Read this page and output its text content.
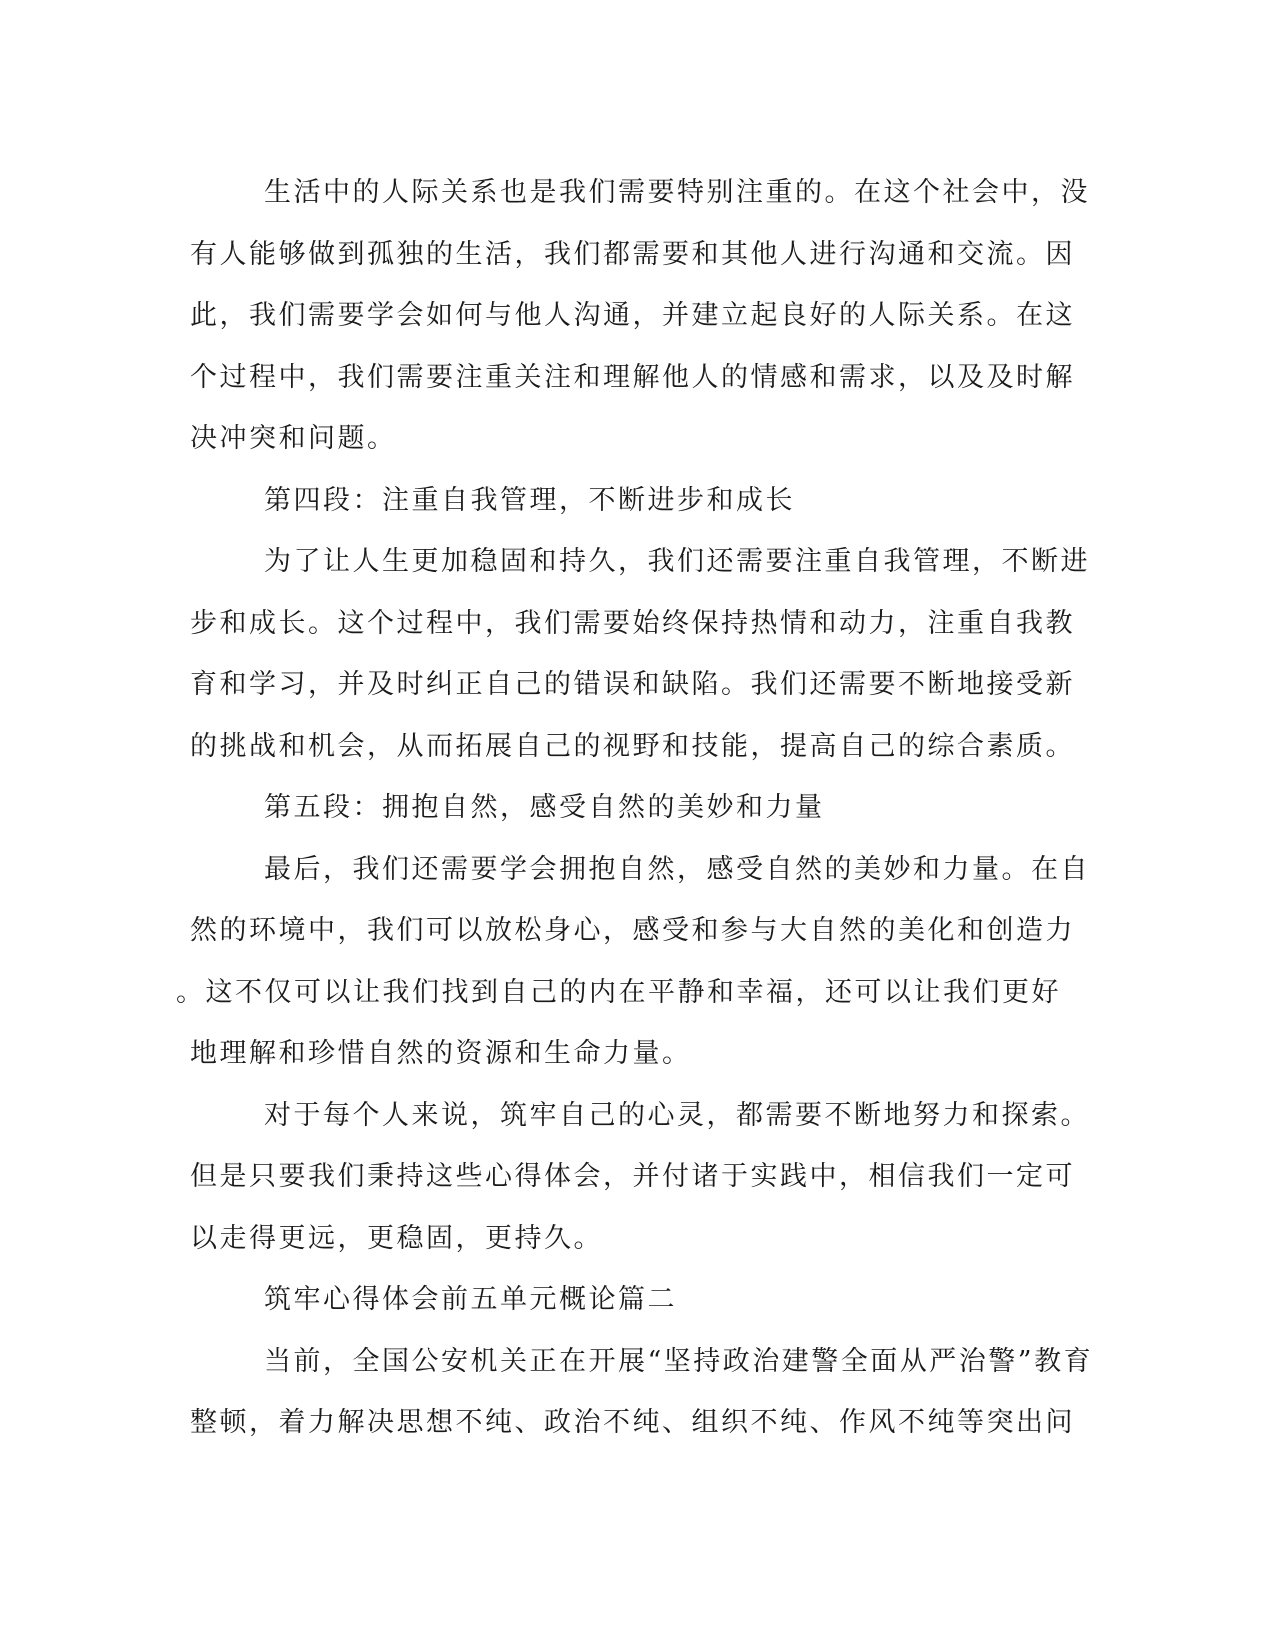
生活中的人际关系也是我们需要特别注重的。在这个社会中，没
有人能够做到孤独的生活，我们都需要和其他人进行沟通和交流。因
此，我们需要学会如何与他人沟通，并建立起良好的人际关系。在这
个过程中，我们需要注重关注和理解他人的情感和需求，以及及时解
决冲突和问题。
第四段：注重自我管理，不断进步和成长
为了让人生更加稳固和持久，我们还需要注重自我管理，不断进
步和成长。这个过程中，我们需要始终保持热情和动力，注重自我教
育和学习，并及时纠正自己的错误和缺陷。我们还需要不断地接受新
的挑战和机会，从而拓展自己的视野和技能，提高自己的综合素质。
第五段：拥抱自然，感受自然的美妙和力量
最后，我们还需要学会拥抱自然，感受自然的美妙和力量。在自
然的环境中，我们可以放松身心，感受和参与大自然的美化和创造力
。这不仅可以让我们找到自己的内在平静和幸福，还可以让我们更好
地理解和珍惜自然的资源和生命力量。
对于每个人来说，筑牢自己的心灵，都需要不断地努力和探索。
但是只要我们秉持这些心得体会，并付诸于实践中，相信我们一定可
以走得更远，更稳固，更持久。
筑牢心得体会前五单元概论篇二
当前，全国公安机关正在开展“坚持政治建警全面从严治警”教育
整顿，着力解决思想不纯、政治不纯、组织不纯、作风不纯等突出问
